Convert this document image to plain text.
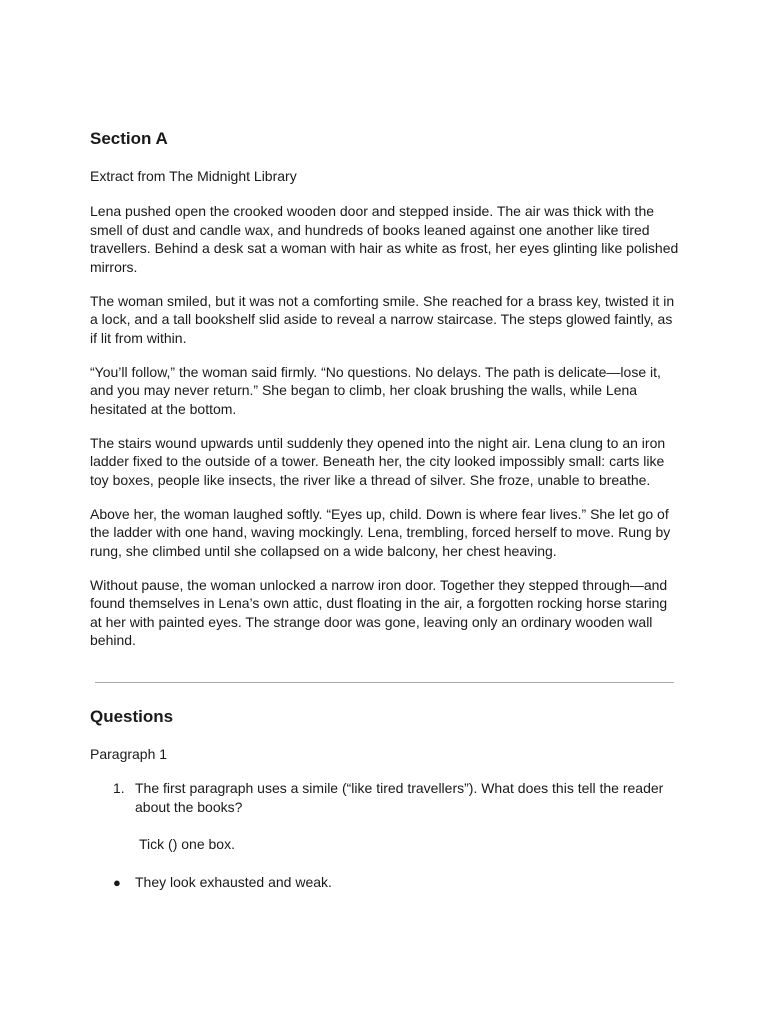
Section A

Extract from The Midnight Library

Lena pushed open the crooked wooden door and stepped inside. The air was thick with the smell of dust and candle wax, and hundreds of books leaned against one another like tired travellers. Behind a desk sat a woman with hair as white as frost, her eyes glinting like polished mirrors.

The woman smiled, but it was not a comforting smile. She reached for a brass key, twisted it in a lock, and a tall bookshelf slid aside to reveal a narrow staircase. The steps glowed faintly, as if lit from within.

“You’ll follow,” the woman said firmly. “No questions. No delays. The path is delicate—lose it, and you may never return.” She began to climb, her cloak brushing the walls, while Lena hesitated at the bottom.

The stairs wound upwards until suddenly they opened into the night air. Lena clung to an iron ladder fixed to the outside of a tower. Beneath her, the city looked impossibly small: carts like toy boxes, people like insects, the river like a thread of silver. She froze, unable to breathe.

Above her, the woman laughed softly. “Eyes up, child. Down is where fear lives.” She let go of the ladder with one hand, waving mockingly. Lena, trembling, forced herself to move. Rung by rung, she climbed until she collapsed on a wide balcony, her chest heaving.

Without pause, the woman unlocked a narrow iron door. Together they stepped through—and found themselves in Lena’s own attic, dust floating in the air, a forgotten rocking horse staring at her with painted eyes. The strange door was gone, leaving only an ordinary wooden wall behind.

Questions

Paragraph 1

1. The first paragraph uses a simile (“like tired travellers”). What does this tell the reader about the books?
Tick () one box.
● They look exhausted and weak.
